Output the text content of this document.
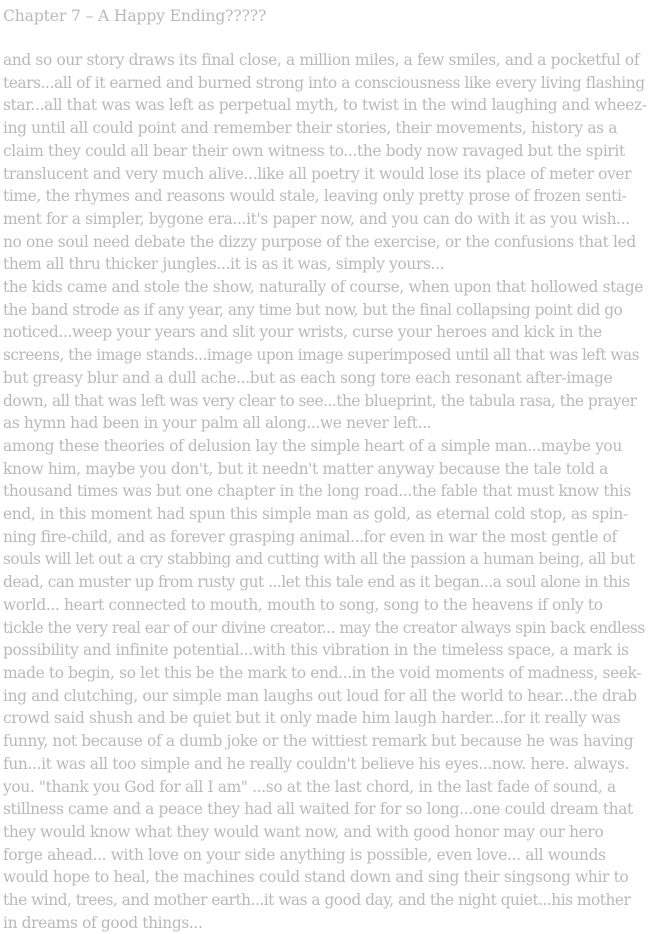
Chapter 7 – A Happy Ending?????
and so our story draws its final close, a million miles, a few smiles, and a pocketful of
tears...all of it earned and burned strong into a consciousness like every living flashing
star...all that was was left as perpetual myth, to twist in the wind laughing and wheez-
ing until all could point and remember their stories, their movements, history as a
claim they could all bear their own witness to...the body now ravaged but the spirit
translucent and very much alive...like all poetry it would lose its place of meter over
time, the rhymes and reasons would stale, leaving only pretty prose of frozen senti-
ment for a simpler, bygone era...it's paper now, and you can do with it as you wish...
no one soul need debate the dizzy purpose of the exercise, or the confusions that led
them all thru thicker jungles...it is as it was, simply yours...
the kids came and stole the show, naturally of course, when upon that hollowed stage
the band strode as if any year, any time but now, but the final collapsing point did go
noticed...weep your years and slit your wrists, curse your heroes and kick in the
screens, the image stands...image upon image superimposed until all that was left was
but greasy blur and a dull ache...but as each song tore each resonant after-image
down, all that was left was very clear to see...the blueprint, the tabula rasa, the prayer
as hymn had been in your palm all along...we never left...
among these theories of delusion lay the simple heart of a simple man...maybe you
know him, maybe you don't, but it needn't matter anyway because the tale told a
thousand times was but one chapter in the long road...the fable that must know this
end, in this moment had spun this simple man as gold, as eternal cold stop, as spin-
ning fire-child, and as forever grasping animal...for even in war the most gentle of
souls will let out a cry stabbing and cutting with all the passion a human being, all but
dead, can muster up from rusty gut ...let this tale end as it began...a soul alone in this
world... heart connected to mouth, mouth to song, song to the heavens if only to
tickle the very real ear of our divine creator... may the creator always spin back endless
possibility and infinite potential...with this vibration in the timeless space, a mark is
made to begin, so let this be the mark to end...in the void moments of madness, seek-
ing and clutching, our simple man laughs out loud for all the world to hear...the drab
crowd said shush and be quiet but it only made him laugh harder...for it really was
funny, not because of a dumb joke or the wittiest remark but because he was having
fun...it was all too simple and he really couldn't believe his eyes...now. here. always.
you. "thank you God for all I am" ...so at the last chord, in the last fade of sound, a
stillness came and a peace they had all waited for for so long...one could dream that
they would know what they would want now, and with good honor may our hero
forge ahead... with love on your side anything is possible, even love... all wounds
would hope to heal, the machines could stand down and sing their singsong whir to
the wind, trees, and mother earth...it was a good day, and the night quiet...his mother
in dreams of good things...
